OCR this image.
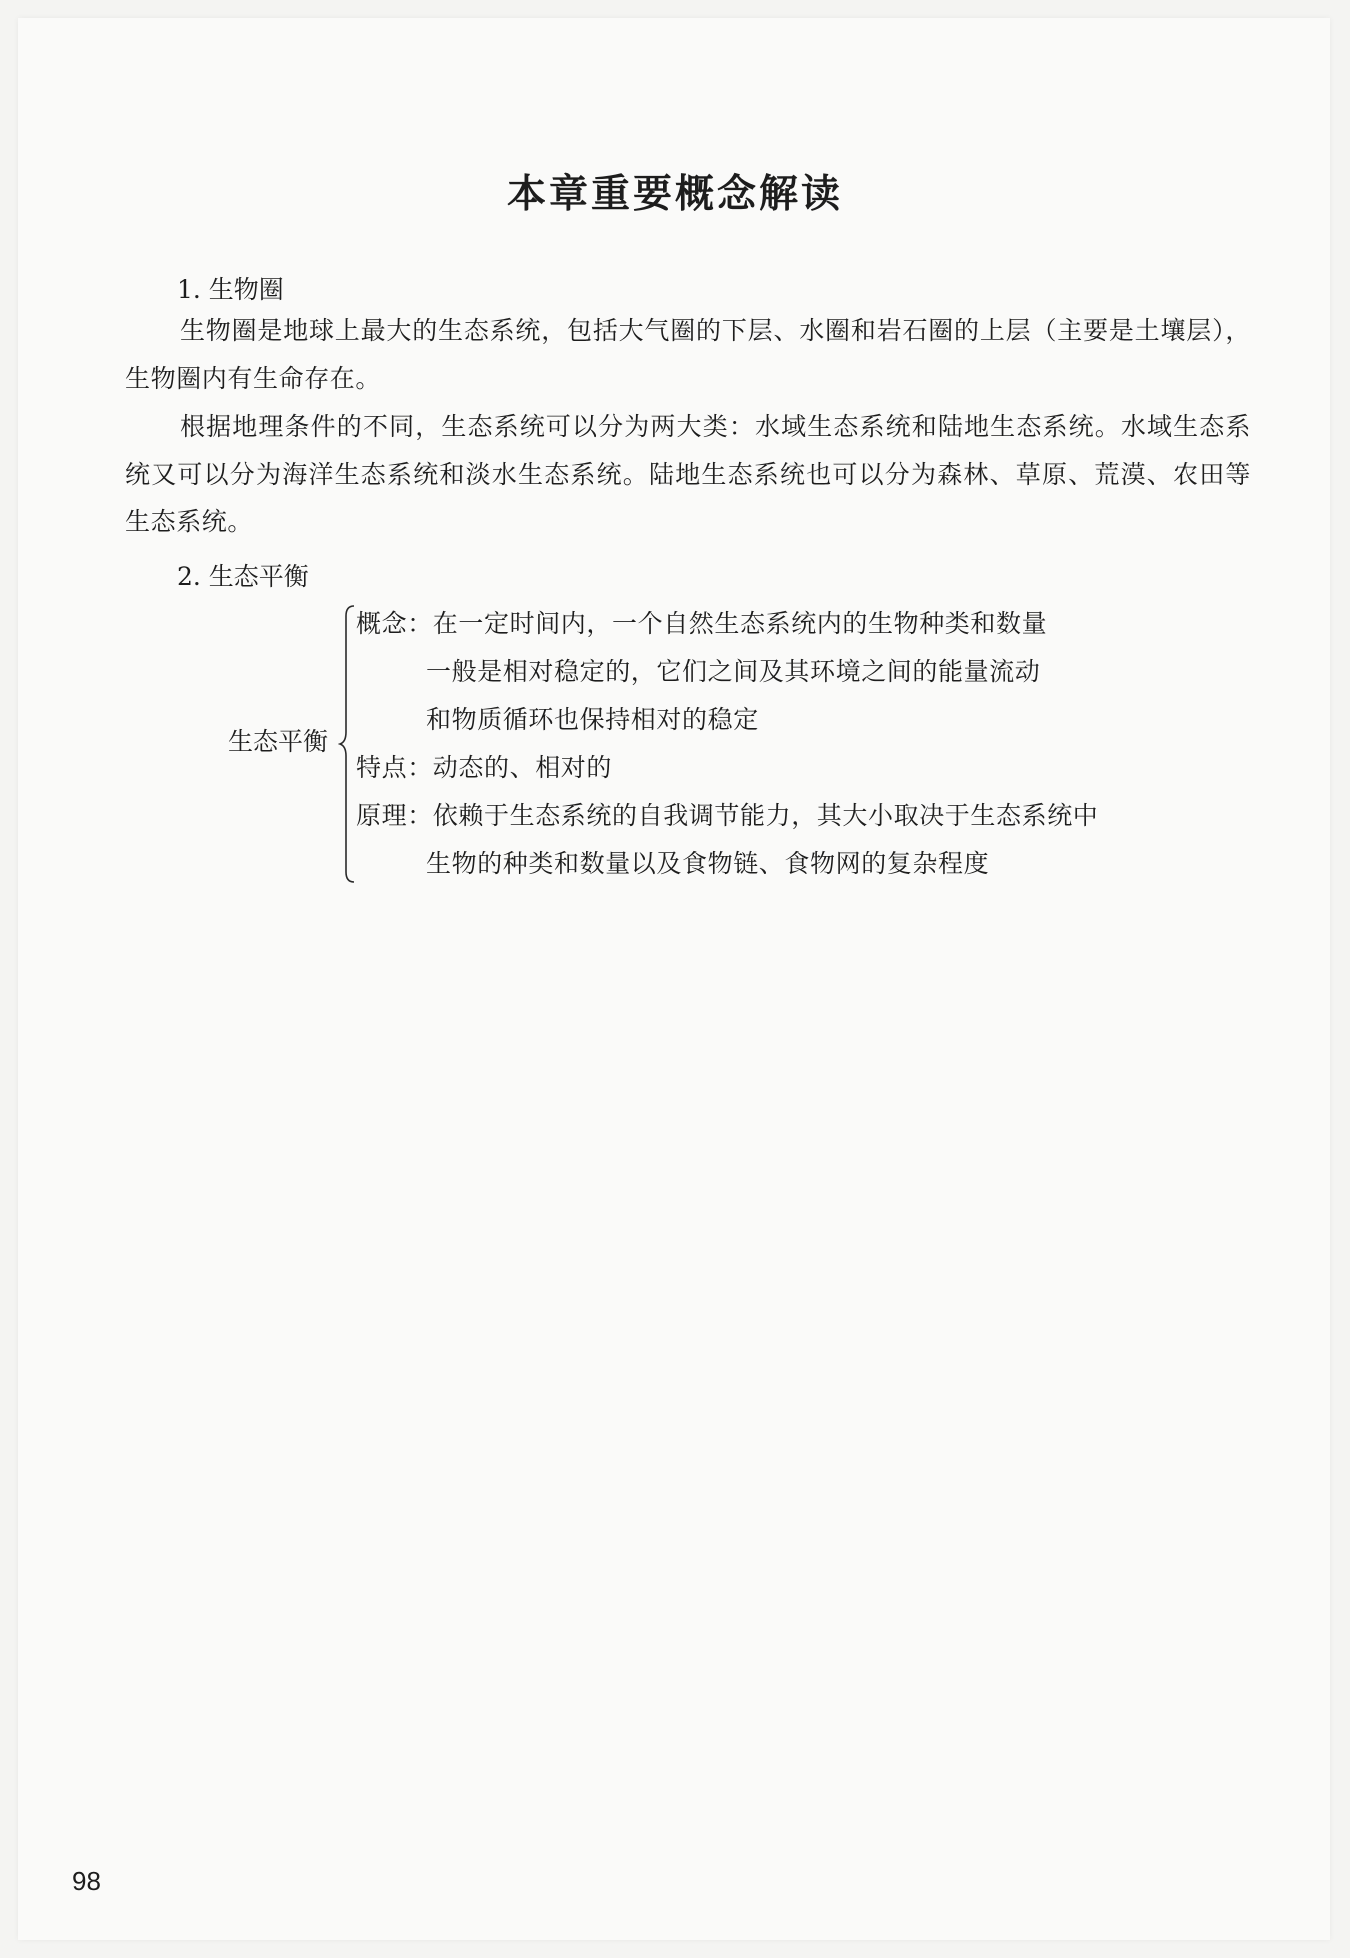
本章重要概念解读

1. 生物圈

生物圈是地球上最大的生态系统，包括大气圈的下层、水圈和岩石圈的上层（主要是土壤层），生物圈内有生命存在。

根据地理条件的不同，生态系统可以分为两大类：水域生态系统和陆地生态系统。水域生态系统又可以分为海洋生态系统和淡水生态系统。陆地生态系统也可以分为森林、草原、荒漠、农田等生态系统。

2. 生态平衡

生态平衡

概念：在一定时间内，一个自然生态系统内的生物种类和数量

一般是相对稳定的，它们之间及其环境之间的能量流动

和物质循环也保持相对的稳定

特点：动态的、相对的

原理：依赖于生态系统的自我调节能力，其大小取决于生态系统中

生物的种类和数量以及食物链、食物网的复杂程度

98
